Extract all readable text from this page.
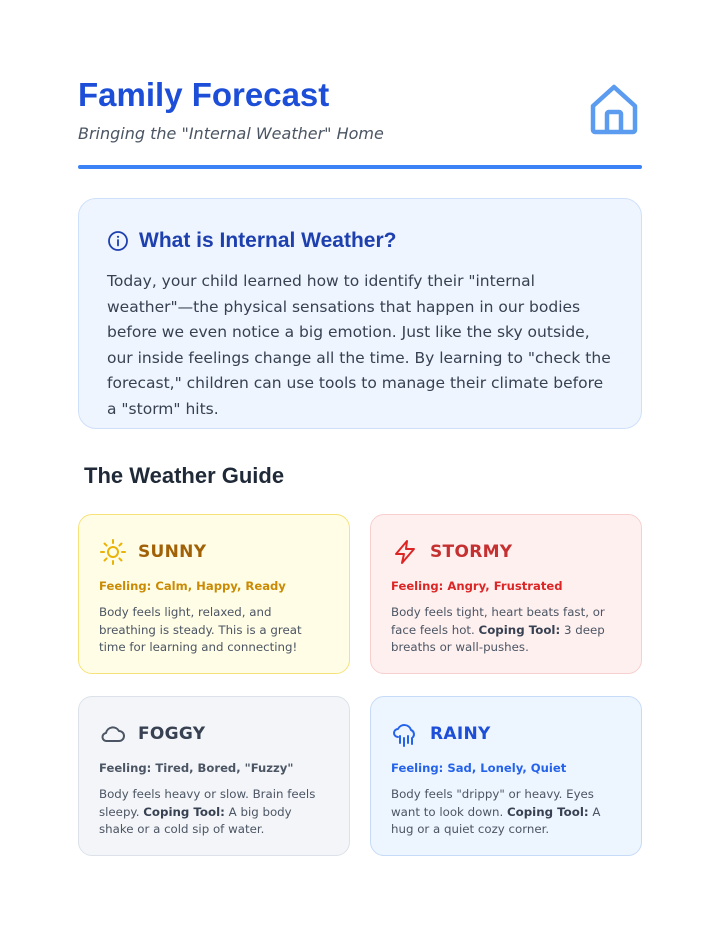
Family Forecast
Bringing the "Internal Weather" Home
What is Internal Weather?
Today, your child learned how to identify their "internal weather"—the physical sensations that happen in our bodies before we even notice a big emotion. Just like the sky outside, our inside feelings change all the time. By learning to "check the forecast," children can use tools to manage their climate before a "storm" hits.
The Weather Guide
SUNNY
Feeling: Calm, Happy, Ready
Body feels light, relaxed, and breathing is steady. This is a great time for learning and connecting!
STORMY
Feeling: Angry, Frustrated
Body feels tight, heart beats fast, or face feels hot. Coping Tool: 3 deep breaths or wall-pushes.
FOGGY
Feeling: Tired, Bored, "Fuzzy"
Body feels heavy or slow. Brain feels sleepy. Coping Tool: A big body shake or a cold sip of water.
RAINY
Feeling: Sad, Lonely, Quiet
Body feels "drippy" or heavy. Eyes want to look down. Coping Tool: A hug or a quiet cozy corner.
